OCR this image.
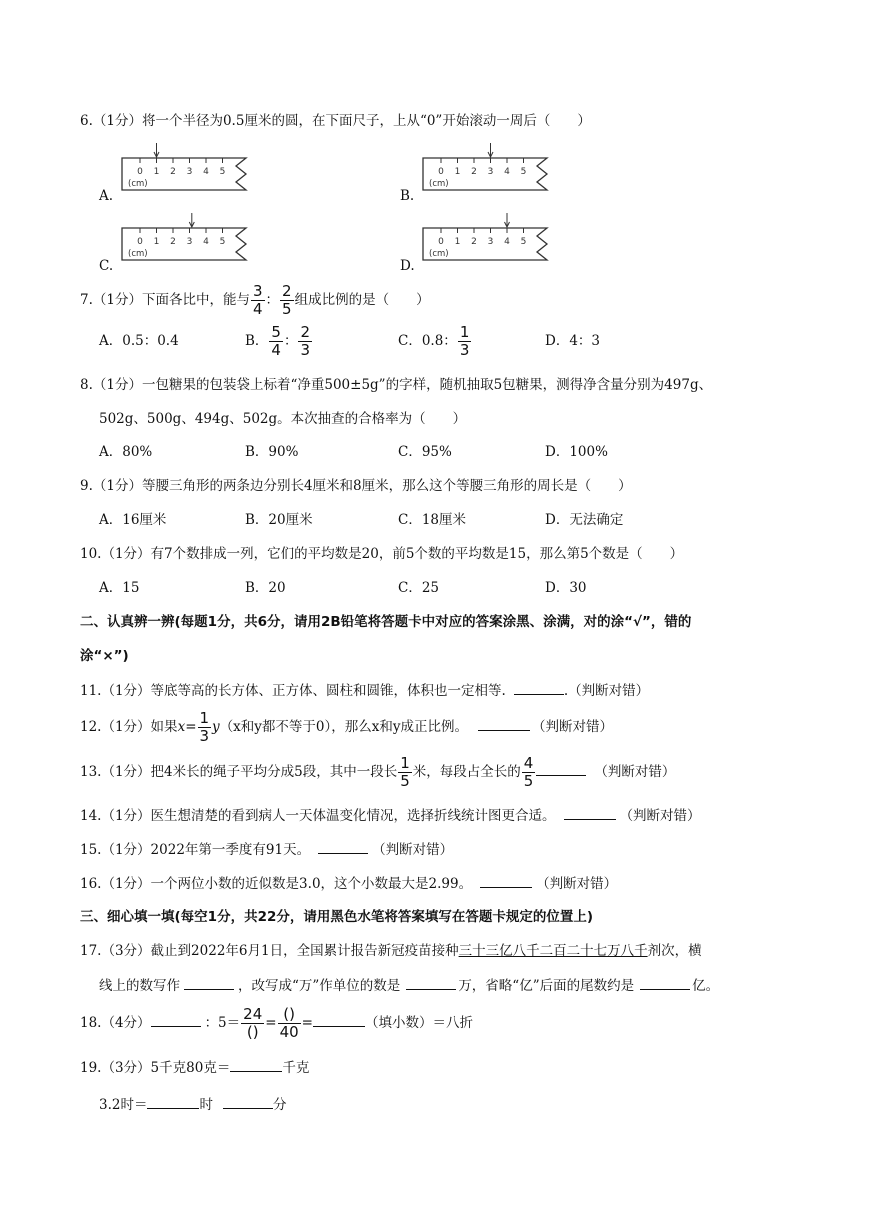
6.（1分）将一个半径为0.5厘米的圆，在下面尺子，上从“0”开始滚动一周后（　　）
A.
0 1 2 3 4 5
(cm)
B.
0 1 2 3 4 5
(cm)
C.
0 1 2 3 4 5
(cm)
D.
0 1 2 3 4 5
(cm)
7.（1分）下面各比中，能与 $\frac{3}{4}$ ： $\frac{2}{5}$ 组成比例的是（　　）
A．0.5：0.4	B． $\frac{5}{4}$ ： $\frac{2}{3}$	C．0.8： $\frac{1}{3}$	D．4：3
8.（1分）一包糖果的包装袋上标着“净重500±5g”的字样，随机抽取5包糖果，测得净含量分别为497g、
502g、500g、494g、502g。本次抽查的合格率为（　　）
A．80%	B．90%	C．95%	D．100%
9.（1分）等腰三角形的两条边分别长4厘米和8厘米，那么这个等腰三角形的周长是（　　）
A．16厘米	B．20厘米	C．18厘米	D．无法确定
10.（1分）有7个数排成一列，它们的平均数是20，前5个数的平均数是15，那么第5个数是（　　）
A．15	B．20	C．25	D．30
二、认真辨一辨(每题1分，共6分，请用2B铅笔将答题卡中对应的答案涂黑、涂满，对的涂“√”，错的
涂“×”)
11.（1分）等底等高的长方体、正方体、圆柱和圆锥，体积也一定相等.	.（判断对错）
12.（1分）如果$x= \frac{1}{3} y(x$和y都不等于0），那么x和y成正比例。	（判断对错）
13.（1分）把4米长的绳子平均分成5段，其中一段长 $\frac{1}{5}$ 米，每段占全长的 $\frac{4}{5}$	（判断对错）
14.（1分）医生想清楚的看到病人一天体温变化情况，选择折线统计图更合适。	（判断对错）
15.（1分）2022年第一季度有91天。	（判断对错）
16.（1分）一个两位小数的近似数是3.0，这个小数最大是2.99。	（判断对错）
三、细心填一填(每空1分，共22分，请用黑色水笔将答案填写在答题卡规定的位置上)
17.（3分）截止到2022年6月1日，全国累计报告新冠疫苗接种三十三亿八千二百二十七万八千剂次，横
线上的数写作	，改写成“万”作单位的数是	万，省略“亿”后面的尾数约是	亿。
18.（4分）	：$5= \frac{24}{()} = \frac{()}{40}$ =	（填小数）＝八折
19.（3分）5千克80克＝	千克
3.2时＝	时	分
